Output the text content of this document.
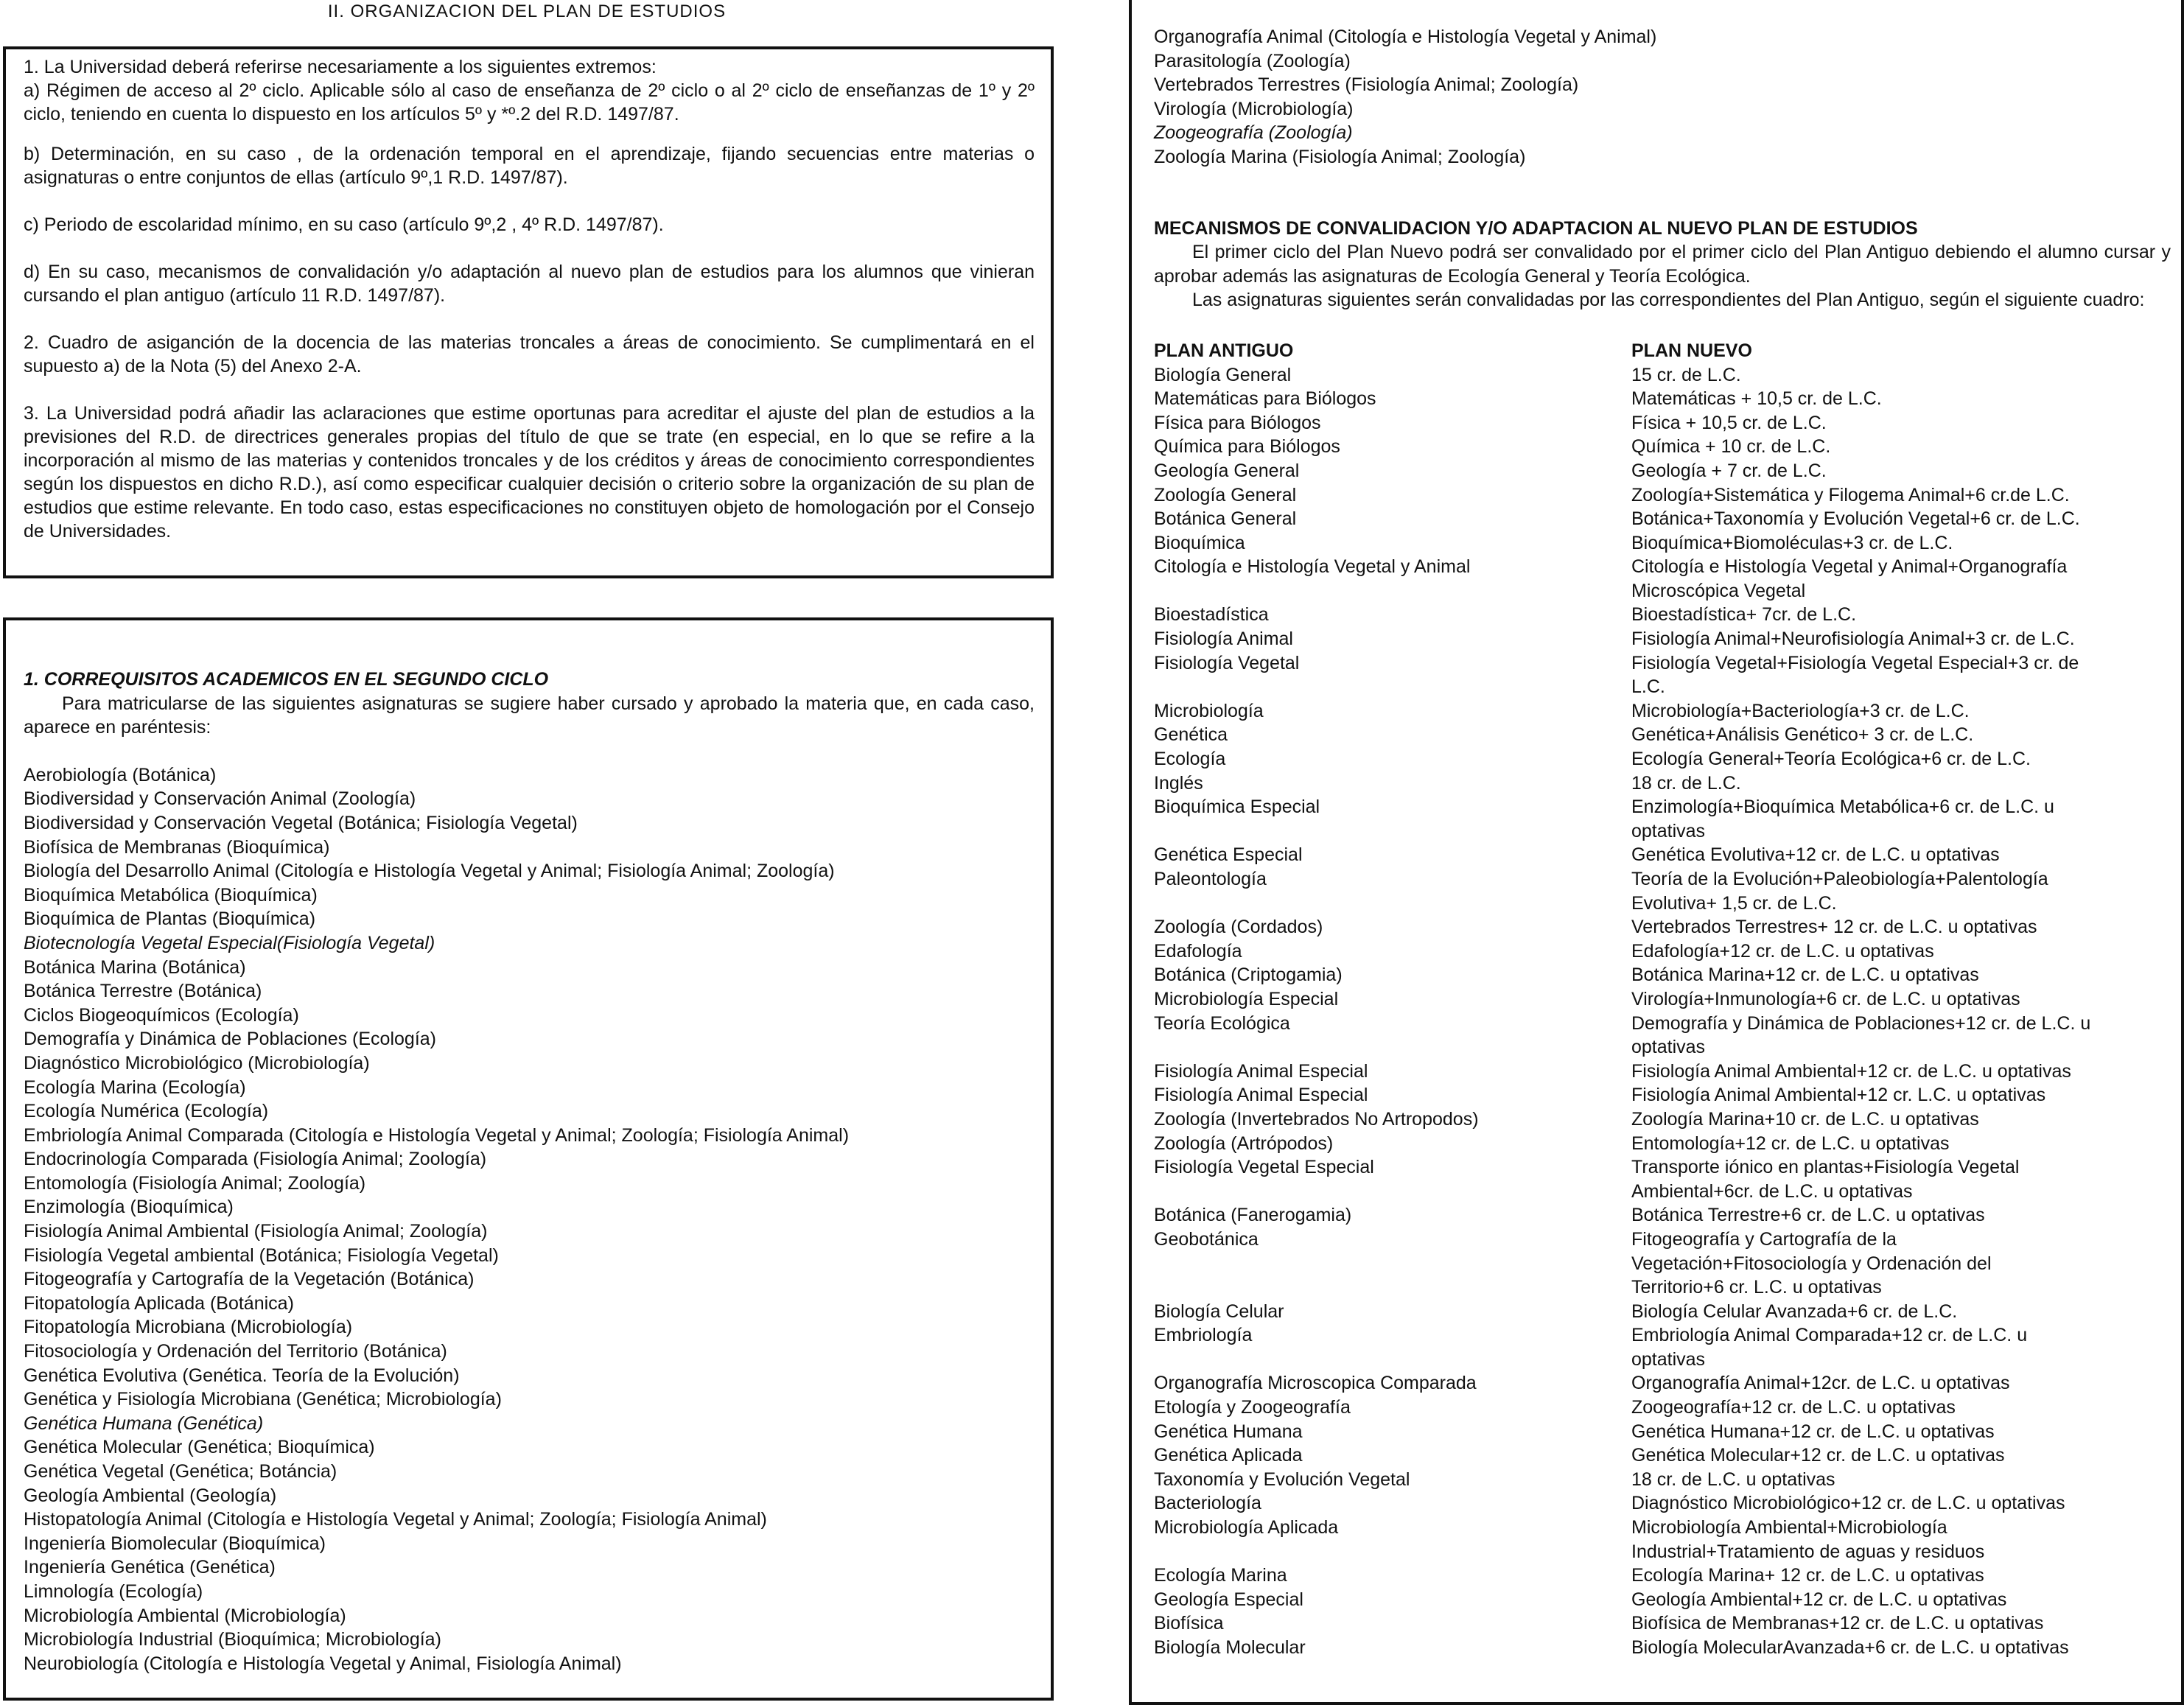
II. ORGANIZACION DEL PLAN DE ESTUDIOS

1. La Universidad deberá referirse necesariamente a los siguientes extremos:
a) Régimen de acceso al 2º ciclo. Aplicable sólo al caso de enseñanza de 2º ciclo o al 2º ciclo de enseñanzas de 1º y 2º ciclo, teniendo en cuenta lo dispuesto en los artículos 5º y *º.2 del R.D. 1497/87.

b) Determinación, en su caso , de la ordenación temporal en el aprendizaje, fijando secuencias entre materias o asignaturas o entre conjuntos de ellas (artículo 9º,1 R.D. 1497/87).

c) Periodo de escolaridad mínimo, en su caso (artículo 9º,2 , 4º R.D. 1497/87).

d) En su caso, mecanismos de convalidación y/o adaptación al nuevo plan de estudios para los alumnos que vinieran cursando el plan antiguo (artículo 11 R.D. 1497/87).

2. Cuadro de asiganción de la docencia de las materias troncales a áreas de conocimiento. Se cumplimentará en el supuesto a) de la Nota (5) del Anexo 2-A.

3. La Universidad podrá añadir las aclaraciones que estime oportunas para acreditar el ajuste del plan de estudios a la previsiones del R.D. de directrices generales propias del título de que se trate (en especial, en lo que se refire a la incorporación al mismo de las materias y contenidos troncales y de los créditos y áreas de conocimiento correspondientes según los dispuestos en dicho R.D.), así como especificar cualquier decisión o criterio sobre la organización de su plan de estudios que estime relevante. En todo caso, estas especificaciones no constituyen objeto de homologación por el Consejo de Universidades.

1. CORREQUISITOS ACADEMICOS EN EL SEGUNDO CICLO

Para matricularse de las siguientes asignaturas se sugiere haber cursado y aprobado la materia que, en cada caso, aparece en paréntesis:

Aerobiología (Botánica)
Biodiversidad y Conservación Animal (Zoología)
Biodiversidad y Conservación Vegetal (Botánica; Fisiología Vegetal)
Biofísica de Membranas (Bioquímica)
Biología del Desarrollo Animal (Citología e Histología Vegetal y Animal; Fisiología Animal; Zoología)
Bioquímica Metabólica (Bioquímica)
Bioquímica de Plantas (Bioquímica)
Biotecnología Vegetal Especial(Fisiología Vegetal)
Botánica Marina (Botánica)
Botánica Terrestre (Botánica)
Ciclos Biogeoquímicos (Ecología)
Demografía y Dinámica de Poblaciones (Ecología)
Diagnóstico Microbiológico (Microbiología)
Ecología Marina (Ecología)
Ecología Numérica (Ecología)
Embriología Animal Comparada (Citología e Histología Vegetal y Animal; Zoología; Fisiología Animal)
Endocrinología Comparada (Fisiología Animal; Zoología)
Entomología (Fisiología Animal; Zoología)
Enzimología (Bioquímica)
Fisiología Animal Ambiental (Fisiología Animal; Zoología)
Fisiología Vegetal ambiental (Botánica; Fisiología Vegetal)
Fitogeografía y Cartografía de la Vegetación (Botánica)
Fitopatología Aplicada (Botánica)
Fitopatología Microbiana (Microbiología)
Fitosociología y Ordenación del Territorio (Botánica)
Genética Evolutiva (Genética. Teoría de la Evolución)
Genética y Fisiología Microbiana (Genética; Microbiología)
Genética Humana (Genética)
Genética Molecular (Genética; Bioquímica)
Genética Vegetal (Genética; Botáncia)
Geología Ambiental (Geología)
Histopatología Animal (Citología e Histología Vegetal y Animal; Zoología; Fisiología Animal)
Ingeniería Biomolecular (Bioquímica)
Ingeniería Genética (Genética)
Limnología (Ecología)
Microbiología Ambiental (Microbiología)
Microbiología Industrial (Bioquímica; Microbiología)
Neurobiología (Citología e Histología Vegetal y Animal, Fisiología Animal)
Organografía Animal (Citología e Histología Vegetal y Animal)
Parasitología (Zoología)
Vertebrados Terrestres (Fisiología Animal; Zoología)
Virología (Microbiología)
Zoogeografía (Zoología)
Zoología Marina (Fisiología Animal; Zoología)
MECANISMOS DE CONVALIDACION Y/O ADAPTACION AL NUEVO PLAN DE ESTUDIOS

El primer ciclo del Plan Nuevo podrá ser convalidado por el primer ciclo del Plan Antiguo debiendo el alumno cursar y aprobar además las asignaturas de Ecología General y Teoría Ecológica.

Las asignaturas siguientes serán convalidadas por las correspondientes del Plan Antiguo, según el siguiente cuadro:

PLAN ANTIGUO	PLAN NUEVO
Biología General	15 cr. de L.C.
Matemáticas para Biólogos	Matemáticas + 10,5 cr. de L.C.
Física para Biólogos	Física + 10,5 cr. de L.C.
Química para Biólogos	Química + 10 cr. de L.C.
Geología General	Geología + 7 cr. de L.C.
Zoología General	Zoología+Sistemática y Filogema Animal+6 cr.de L.C.
Botánica General	Botánica+Taxonomía y Evolución Vegetal+6 cr. de L.C.
Bioquímica	Bioquímica+Biomoléculas+3 cr. de L.C.
Citología e Histología Vegetal y Animal	Citología e Histología Vegetal y Animal+Organografía
Microscópica Vegetal
Bioestadística	Bioestadística+ 7cr. de L.C.
Fisiología Animal	Fisiología Animal+Neurofisiología Animal+3 cr. de L.C.
Fisiología Vegetal	Fisiología Vegetal+Fisiología Vegetal Especial+3 cr. de
L.C.
Microbiología	Microbiología+Bacteriología+3 cr. de L.C.
Genética	Genética+Análisis Genético+ 3 cr. de L.C.
Ecología	Ecología General+Teoría Ecológica+6 cr. de L.C.
Inglés	18 cr. de L.C.
Bioquímica Especial	Enzimología+Bioquímica Metabólica+6 cr. de L.C. u
optativas
Genética Especial	Genética Evolutiva+12 cr. de L.C. u optativas
Paleontología	Teoría de la Evolución+Paleobiología+Palentología
Evolutiva+ 1,5 cr. de L.C.
Zoología (Cordados)	Vertebrados Terrestres+ 12 cr. de L.C. u optativas
Edafología	Edafología+12 cr. de L.C. u optativas
Botánica (Criptogamia)	Botánica Marina+12 cr. de L.C. u optativas
Microbiología Especial	Virología+Inmunología+6 cr. de L.C. u optativas
Teoría Ecológica	Demografía y Dinámica de Poblaciones+12 cr. de L.C. u
optativas
Fisiología Animal Especial	Fisiología Animal Ambiental+12 cr. de L.C. u optativas
Fisiología Animal Especial	Fisiología Animal Ambiental+12 cr. L.C. u optativas
Zoología (Invertebrados No Artropodos)	Zoología Marina+10 cr. de L.C. u optativas
Zoología (Artrópodos)	Entomología+12 cr. de L.C. u optativas
Fisiología Vegetal Especial	Transporte iónico en plantas+Fisiología Vegetal
Ambiental+6cr. de L.C. u optativas
Botánica (Fanerogamia)	Botánica Terrestre+6 cr. de L.C. u optativas
Geobotánica	Fitogeografía y Cartografía de la
Vegetación+Fitosociología y Ordenación del
Territorio+6 cr. L.C. u optativas
Biología Celular	Biología Celular Avanzada+6 cr. de L.C.
Embriología	Embriología Animal Comparada+12 cr. de L.C. u
optativas
Organografía Microscopica Comparada	Organografía Animal+12cr. de L.C. u optativas
Etología y Zoogeografía	Zoogeografía+12 cr. de L.C. u optativas
Genética Humana	Genética Humana+12 cr. de L.C. u optativas
Genética Aplicada	Genética Molecular+12 cr. de L.C. u optativas
Taxonomía y Evolución Vegetal	18 cr. de L.C. u optativas
Bacteriología	Diagnóstico Microbiológico+12 cr. de L.C. u optativas
Microbiología Aplicada	Microbiología Ambiental+Microbiología
Industrial+Tratamiento de aguas y residuos
Ecología Marina	Ecología Marina+ 12 cr. de L.C. u optativas
Geología Especial	Geología Ambiental+12 cr. de L.C. u optativas
Biofísica	Biofísica de Membranas+12 cr. de L.C. u optativas
Biología Molecular	Biología MolecularAvanzada+6 cr. de L.C. u optativas
